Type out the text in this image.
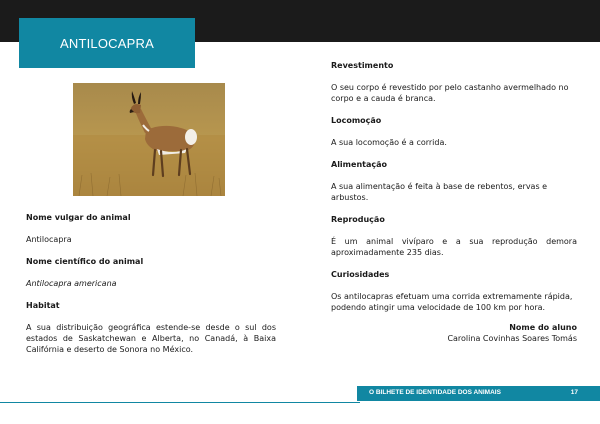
ANTILOCAPRA
Nome vulgar do animal
Antilocapra
Nome científico do animal
Antilocapra americana
Habitat
A sua distribuição geográfica estende-se desde o sul dos estados de Saskatchewan e Alberta, no Canadá, à Baixa Califórnia e deserto de Sonora no México.
Revestimento
O seu corpo é revestido por pelo castanho avermelhado no corpo e a cauda é branca.
Locomoção
A sua locomoção é a corrida.
Alimentação
A sua alimentação é feita à base de rebentos, ervas e arbustos.
Reprodução
É um animal vivíparo e a sua reprodução demora aproximadamente 235 dias.
Curiosidades
Os antilocapras efetuam uma corrida extremamente rápida, podendo atingir uma velocidade de 100 km por hora.
Nome do aluno
Carolina Covinhas Soares Tomás
O BILHETE DE IDENTIDADE DOS ANIMAIS	17
